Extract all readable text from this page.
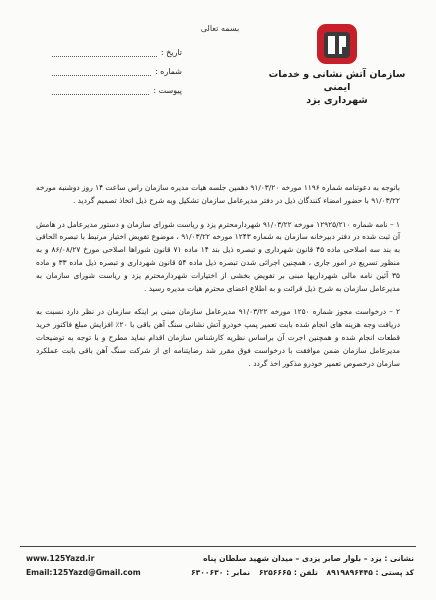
بسمه تعالی
تاریخ :
شماره :
پیوست :
سازمان آتش نشانی و خدمات ایمنی
شهرداری یزد

باتوجه به دعوتنامه شماره ۱۱۹۶ مورخه ۹۱/۰۳/۲۰ دهمین جلسه هیات مدیره سازمان راس ساعت ۱۴ روز دوشنبه مورخه ۹۱/۰۳/۲۲ با حضور امضاء کنندگان ذیل در دفتر مدیرعامل سازمان تشکیل وبه شرح ذیل اتخاذ تصمیم گردید .

۱ – نامه شماره ۱۲۹۲۵/۲۱۰ مورخه ۹۱/۰۳/۲۲ شهردارمحترم یزد و ریاست شورای سازمان و دستور مدیرعامل در هامش آن ثبت شده در دفتر دبیرخانه سازمان به شماره ۱۲۴۳ مورخه ۹۱/۰۳/۲۲ ، موضوع تفویض اختیار مرتبط با تبصره الحاقی به بند سه اصلاحی ماده ۴۵ قانون شهرداری و تبصره ذیل بند ۱۴ ماده ۷۱ قانون شوراها اصلاحی مورخ ۸۶/۰۸/۲۷ و به منظور تسریع در امور جاری ، همچنین اجرائی شدن تبصره ذیل ماده ۵۴ قانون شهرداری و تبصره ذیل ماده ۳۳ و ماده ۳۵ آئین نامه مالی شهرداریها مبنی بر تفویض بخشی از اختیارات شهردارمحترم یزد و ریاست شورای سازمان به مدیرعامل سازمان به شرح ذیل قرائت و به اطلاع اعضای محترم هیات مدیره رسید .

۲ – درخواست مجوز شماره ۱۲۵۰ مورخه ۹۱/۰۳/۲۲ مدیرعامل سازمان مبنی بر اینکه سازمان در نظر دارد نسبت به دریافت وجه هزینه های انجام شده بابت تعمیر پمپ خودرو آتش نشانی سنگ آهن باقی با ۲۰٪ افزایش مبلغ فاکتور خرید قطعات انجام شده و همچنین اجرت آن براساس نظریه کارشناس سازمان اقدام نماید مطرح و با توجه به توضیحات مدیرعامل سازمان ضمن موافقت با درخواست فوق مقرر شد رضایتنامه ای از شرکت سنگ آهن باقی بابت عملکرد سازمان درخصوص تعمیر خودرو مذکور اخذ گردد .

www.125Yazd.ir
Email:125Yazd@Gmail.com
نشانی : یزد – بلوار صابر یزدی – میدان شهید سلطان پناه
کد پستی : ۸۹۱۹۸۹۶۴۴۵ تلفن : ۶۲۵۶۶۶۵ نمابر : ۶۳۰۰۶۳۰
